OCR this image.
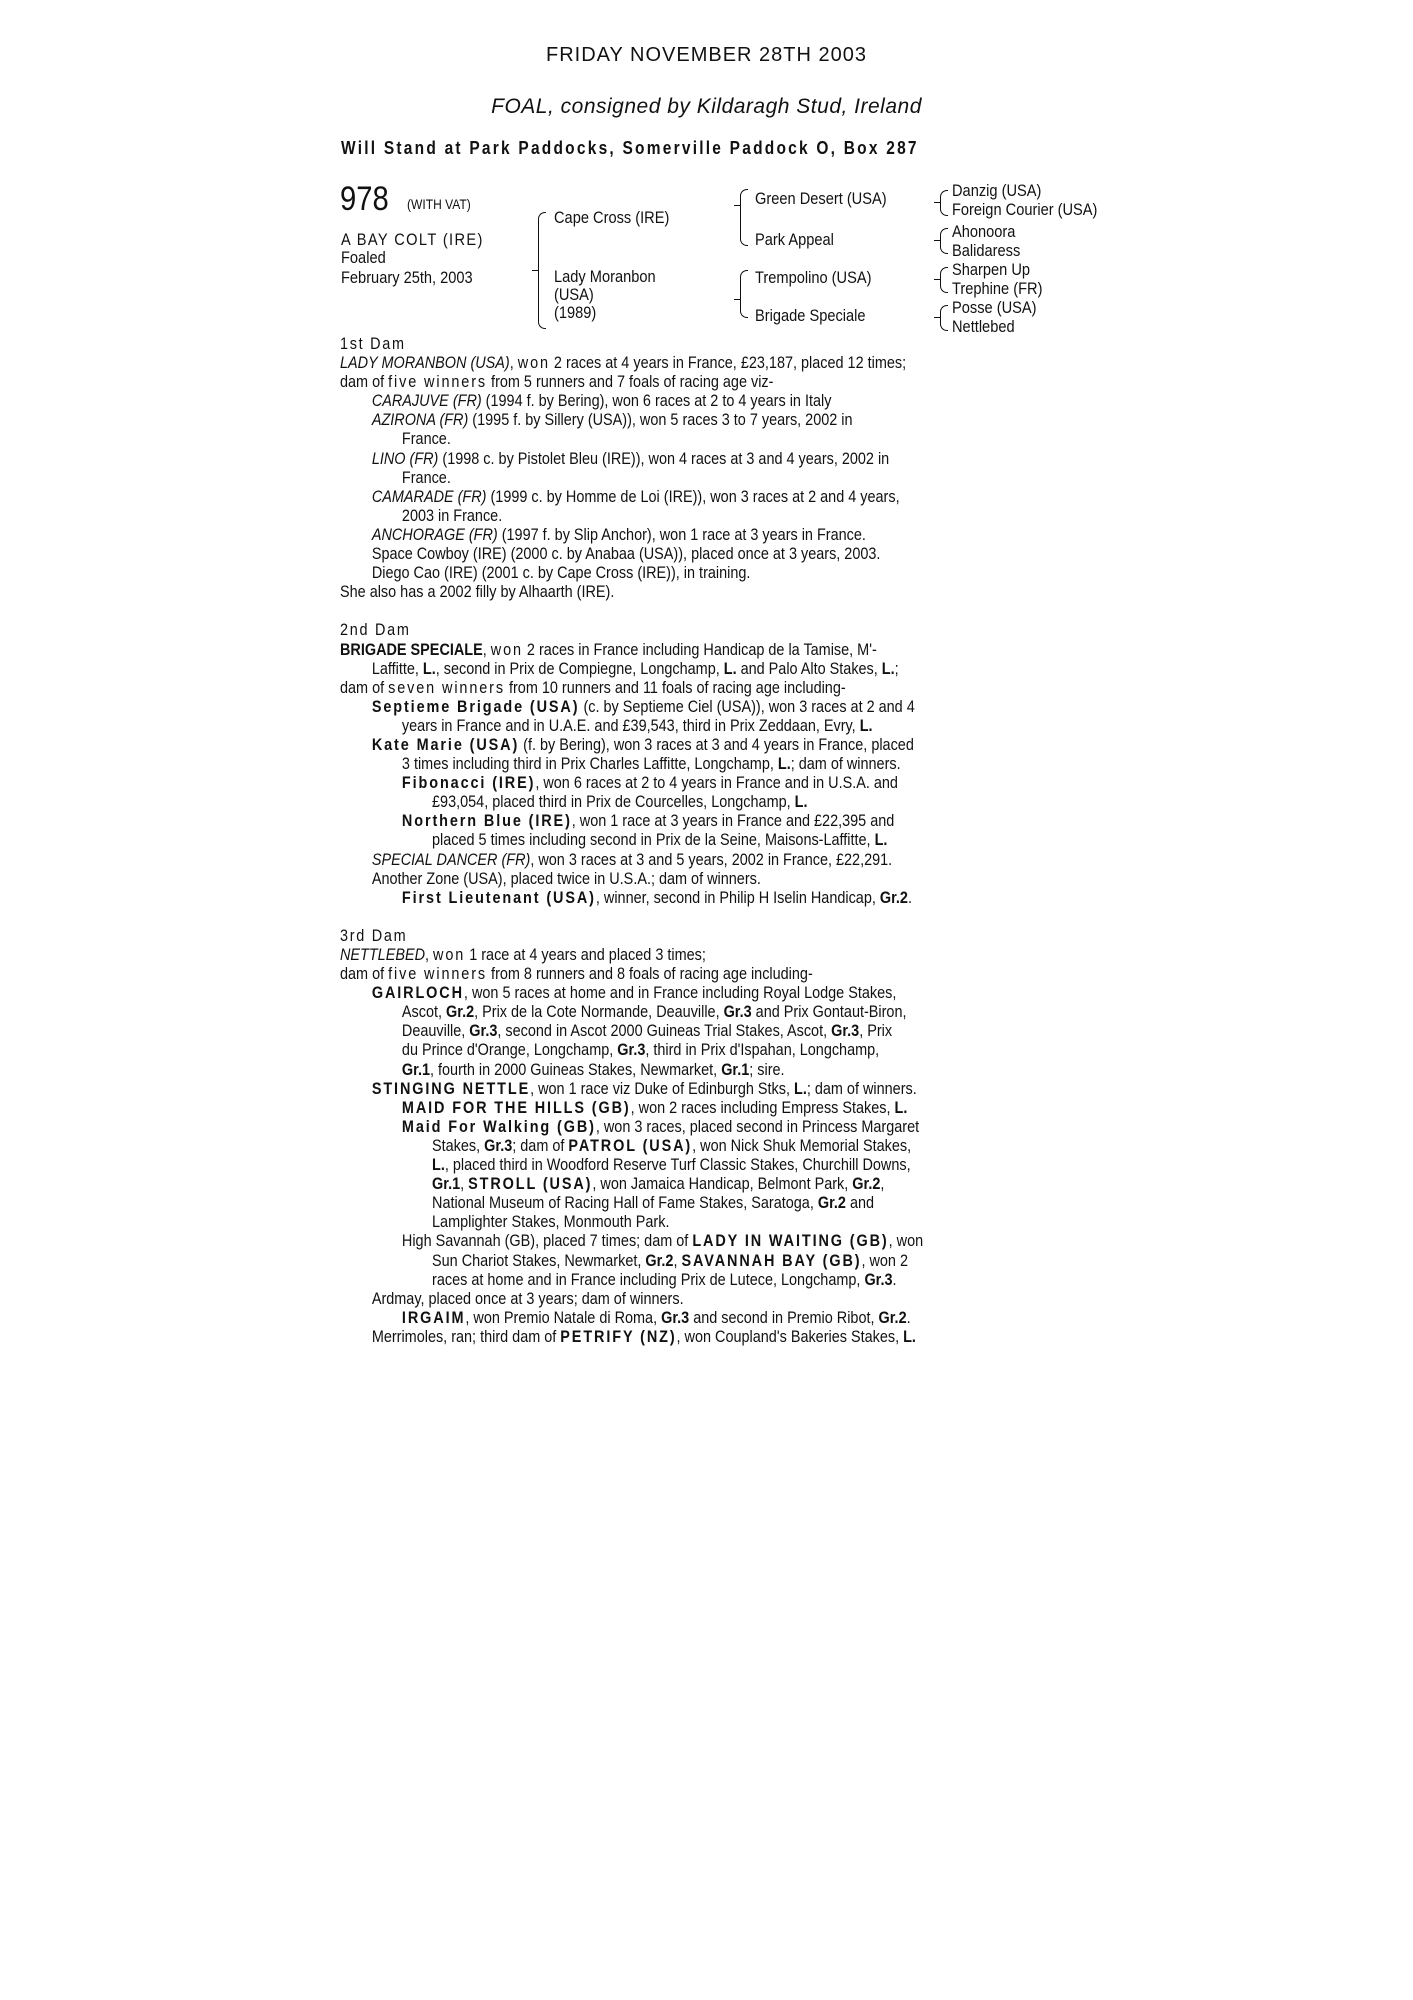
FRIDAY NOVEMBER 28TH 2003
FOAL, consigned by Kildaragh Stud, Ireland
Will Stand at Park Paddocks, Somerville Paddock O, Box 287
978 (WITH VAT)
A BAY COLT (IRE)
Foaled
February 25th, 2003
Cape Cross (IRE)
Lady Moranbon
(USA)
(1989)
Green Desert (USA)
Park Appeal
Trempolino (USA)
Brigade Speciale
Danzig (USA)
Foreign Courier (USA)
Ahonoora
Balidaress
Sharpen Up
Trephine (FR)
Posse (USA)
Nettlebed
1st Dam
LADY MORANBON (USA), won 2 races at 4 years in France, £23,187, placed 12 times;
dam of five winners from 5 runners and 7 foals of racing age viz-
CARAJUVE (FR) (1994 f. by Bering), won 6 races at 2 to 4 years in Italy
AZIRONA (FR) (1995 f. by Sillery (USA)), won 5 races 3 to 7 years, 2002 in
France.
LINO (FR) (1998 c. by Pistolet Bleu (IRE)), won 4 races at 3 and 4 years, 2002 in
France.
CAMARADE (FR) (1999 c. by Homme de Loi (IRE)), won 3 races at 2 and 4 years,
2003 in France.
ANCHORAGE (FR) (1997 f. by Slip Anchor), won 1 race at 3 years in France.
Space Cowboy (IRE) (2000 c. by Anabaa (USA)), placed once at 3 years, 2003.
Diego Cao (IRE) (2001 c. by Cape Cross (IRE)), in training.
She also has a 2002 filly by Alhaarth (IRE).
2nd Dam
BRIGADE SPECIALE, won 2 races in France including Handicap de la Tamise, M'-
Laffitte, L., second in Prix de Compiegne, Longchamp, L. and Palo Alto Stakes, L.;
dam of seven winners from 10 runners and 11 foals of racing age including-
Septieme Brigade (USA) (c. by Septieme Ciel (USA)), won 3 races at 2 and 4
years in France and in U.A.E. and £39,543, third in Prix Zeddaan, Evry, L.
Kate Marie (USA) (f. by Bering), won 3 races at 3 and 4 years in France, placed
3 times including third in Prix Charles Laffitte, Longchamp, L.; dam of winners.
Fibonacci (IRE), won 6 races at 2 to 4 years in France and in U.S.A. and
£93,054, placed third in Prix de Courcelles, Longchamp, L.
Northern Blue (IRE), won 1 race at 3 years in France and £22,395 and
placed 5 times including second in Prix de la Seine, Maisons-Laffitte, L.
SPECIAL DANCER (FR), won 3 races at 3 and 5 years, 2002 in France, £22,291.
Another Zone (USA), placed twice in U.S.A.; dam of winners.
First Lieutenant (USA), winner, second in Philip H Iselin Handicap, Gr.2.
3rd Dam
NETTLEBED, won 1 race at 4 years and placed 3 times;
dam of five winners from 8 runners and 8 foals of racing age including-
GAIRLOCH, won 5 races at home and in France including Royal Lodge Stakes,
Ascot, Gr.2, Prix de la Cote Normande, Deauville, Gr.3 and Prix Gontaut-Biron,
Deauville, Gr.3, second in Ascot 2000 Guineas Trial Stakes, Ascot, Gr.3, Prix
du Prince d'Orange, Longchamp, Gr.3, third in Prix d'Ispahan, Longchamp,
Gr.1, fourth in 2000 Guineas Stakes, Newmarket, Gr.1; sire.
STINGING NETTLE, won 1 race viz Duke of Edinburgh Stks, L.; dam of winners.
MAID FOR THE HILLS (GB), won 2 races including Empress Stakes, L.
Maid For Walking (GB), won 3 races, placed second in Princess Margaret
Stakes, Gr.3; dam of PATROL (USA), won Nick Shuk Memorial Stakes,
L., placed third in Woodford Reserve Turf Classic Stakes, Churchill Downs,
Gr.1, STROLL (USA), won Jamaica Handicap, Belmont Park, Gr.2,
National Museum of Racing Hall of Fame Stakes, Saratoga, Gr.2 and
Lamplighter Stakes, Monmouth Park.
High Savannah (GB), placed 7 times; dam of LADY IN WAITING (GB), won
Sun Chariot Stakes, Newmarket, Gr.2, SAVANNAH BAY (GB), won 2
races at home and in France including Prix de Lutece, Longchamp, Gr.3.
Ardmay, placed once at 3 years; dam of winners.
IRGAIM, won Premio Natale di Roma, Gr.3 and second in Premio Ribot, Gr.2.
Merrimoles, ran; third dam of PETRIFY (NZ), won Coupland's Bakeries Stakes, L.
